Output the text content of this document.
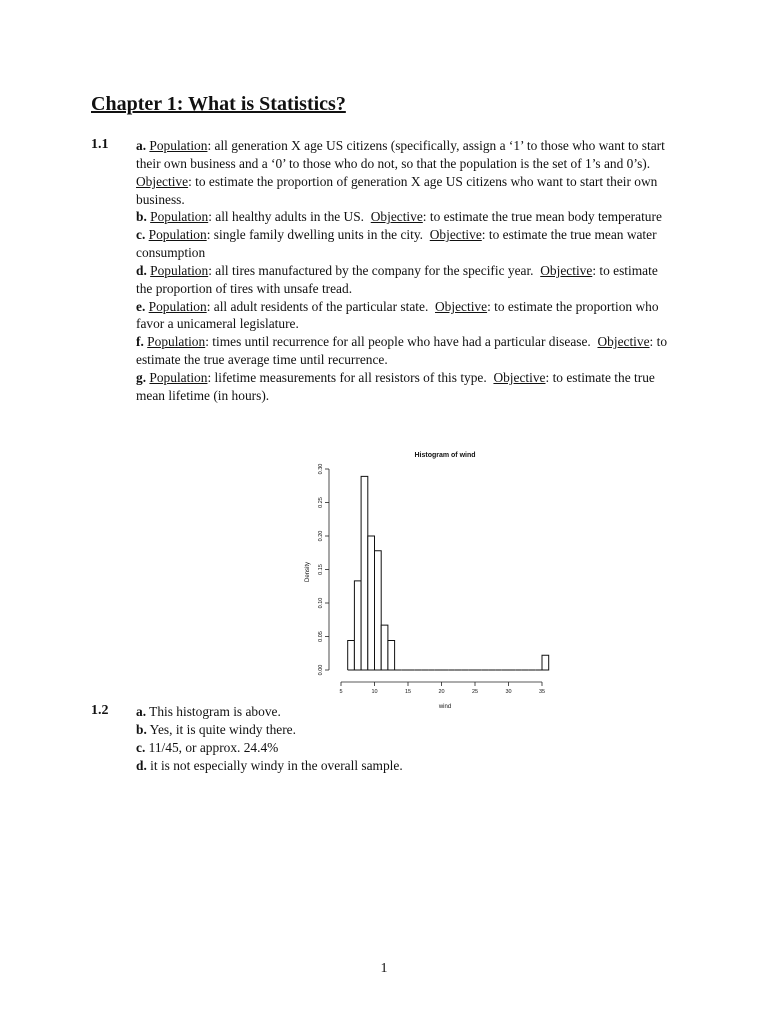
Chapter 1: What is Statistics?
1.1 a. Population: all generation X age US citizens (specifically, assign a ‘1’ to those who want to start their own business and a ‘0’ to those who do not, so that the population is the set of 1’s and 0’s).  Objective: to estimate the proportion of generation X age US citizens who want to start their own business.

b. Population: all healthy adults in the US. Objective: to estimate the true mean body temperature

c. Population: single family dwelling units in the city. Objective: to estimate the true mean water consumption

d. Population: all tires manufactured by the company for the specific year. Objective: to estimate the proportion of tires with unsafe tread.

e. Population: all adult residents of the particular state. Objective: to estimate the proportion who favor a unicameral legislature.

f. Population: times until recurrence for all people who have had a particular disease. Objective: to estimate the true average time until recurrence.

g. Population: lifetime measurements for all resistors of this type. Objective: to estimate the true mean lifetime (in hours).

Histogram of wind
Density
wind
0.00
0.05
0.10
0.15
0.20
0.25
0.30
5	10	15	20	25	30	35
1.2 a. This histogram is above.

b. Yes, it is quite windy there.

c. 11/45, or approx. 24.4%

d. it is not especially windy in the overall sample.

1
